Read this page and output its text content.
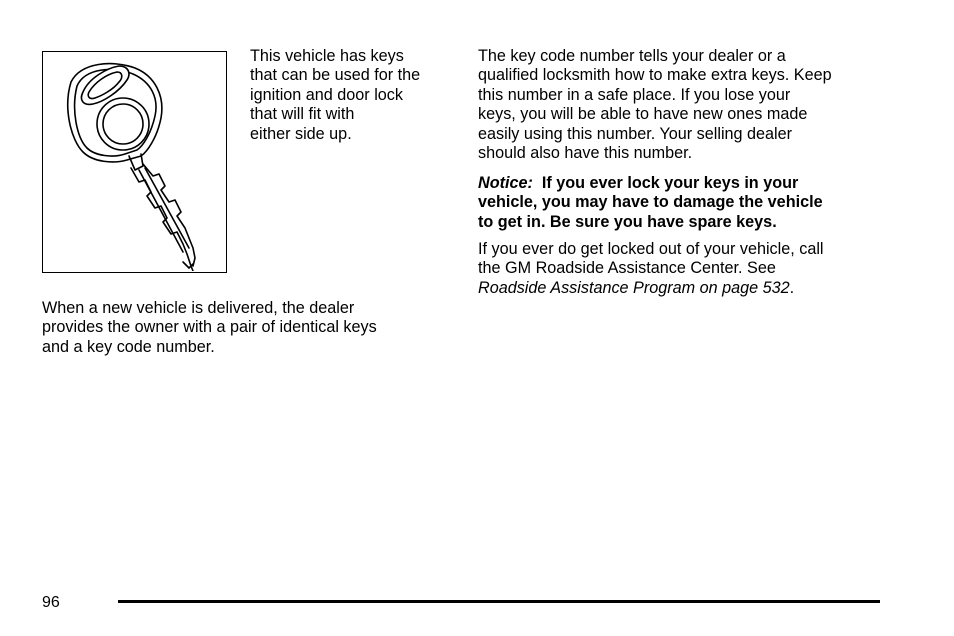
This vehicle has keys
that can be used for the
ignition and door lock
that will fit with
either side up.

When a new vehicle is delivered, the dealer
provides the owner with a pair of identical keys
and a key code number.

The key code number tells your dealer or a
qualified locksmith how to make extra keys. Keep
this number in a safe place. If you lose your
keys, you will be able to have new ones made
easily using this number. Your selling dealer
should also have this number.

Notice: If you ever lock your keys in your
vehicle, you may have to damage the vehicle
to get in. Be sure you have spare keys.

If you ever do get locked out of your vehicle, call
the GM Roadside Assistance Center. See
Roadside Assistance Program on page 532.

96
